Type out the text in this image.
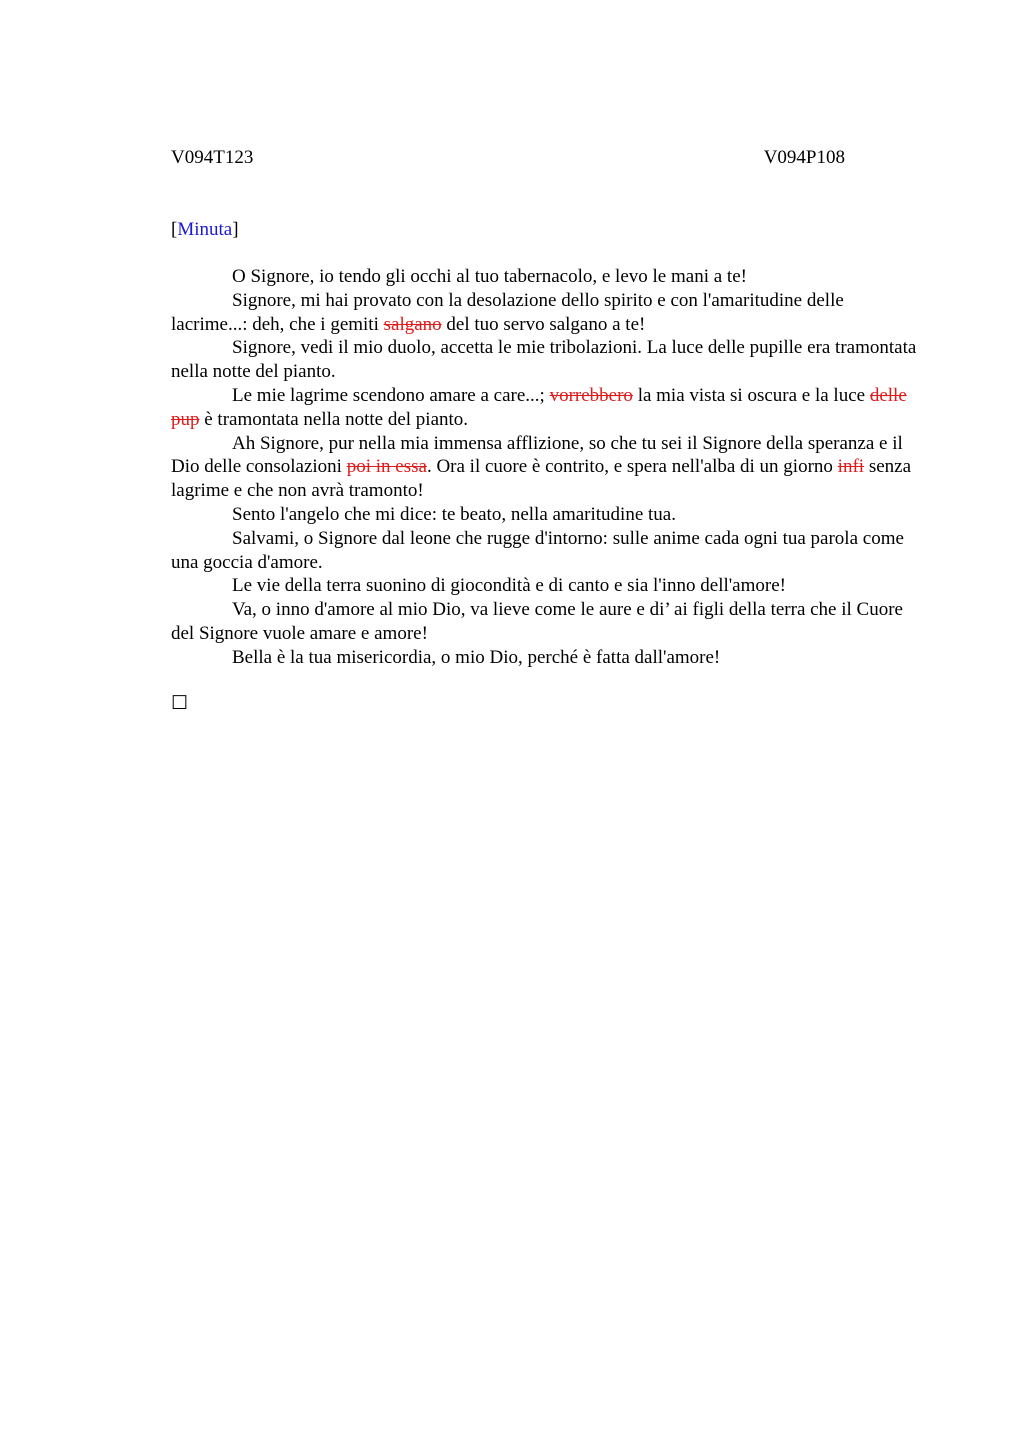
V094T123	V094P108
[Minuta]

O Signore, io tendo gli occhi al tuo tabernacolo, e levo le mani a te!

Signore, mi hai provato con la desolazione dello spirito e con l'amaritudine delle lacrime...: deh, che i gemiti salgano del tuo servo salgano a te!

Signore, vedi il mio duolo, accetta le mie tribolazioni. La luce delle pupille era tramontata nella notte del pianto.

Le mie lagrime scendono amare a care...; vorrebbero la mia vista si oscura e la luce delle pup è tramontata nella notte del pianto.

Ah Signore, pur nella mia immensa afflizione, so che tu sei il Signore della speranza e il Dio delle consolazioni poi in essa. Ora il cuore è contrito, e spera nell'alba di un giorno infi senza lagrime e che non avrà tramonto!

Sento l'angelo che mi dice: te beato, nella amaritudine tua.

Salvami, o Signore dal leone che rugge d'intorno: sulle anime cada ogni tua parola come una goccia d'amore.

Le vie della terra suonino di giocondità e di canto e sia l'inno dell'amore!

Va, o inno d'amore al mio Dio, va lieve come le aure e di’ ai figli della terra che il Cuore del Signore vuole amare e amore!

Bella è la tua misericordia, o mio Dio, perché è fatta dall'amore!

☐
